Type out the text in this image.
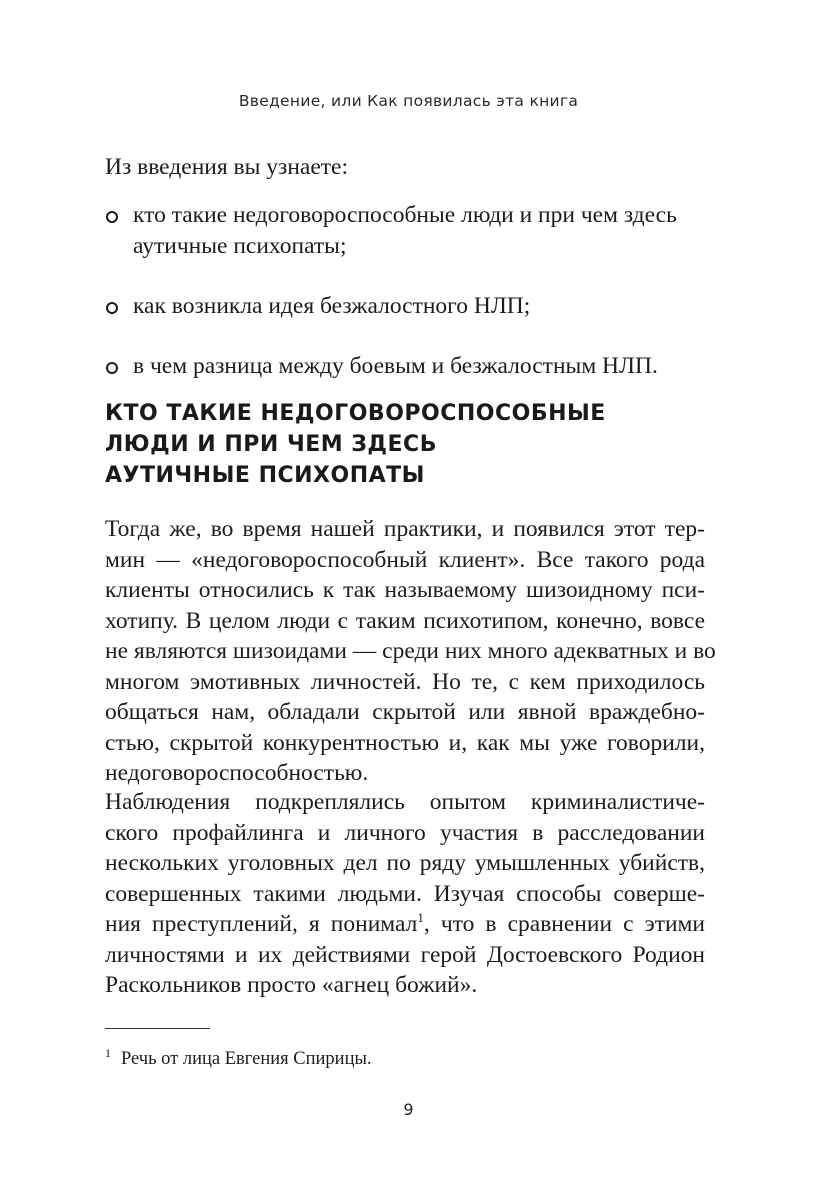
Введение, или Как появилась эта книга
Из введения вы узнаете:
кто такие недоговороспособные люди и при чем здесь
аутичные психопаты;
как возникла идея безжалостного НЛП;
в чем разница между боевым и безжалостным НЛП.
КТО ТАКИЕ НЕДОГОВОРОСПОСОБНЫЕ
ЛЮДИ И ПРИ ЧЕМ ЗДЕСЬ
АУТИЧНЫЕ ПСИХОПАТЫ
Тогда же, во время нашей практики, и появился этот тер-
мин — «недоговороспособный клиент». Все такого рода
клиенты относились к так называемому шизоидному пси-
хотипу. В целом люди с таким психотипом, конечно, вовсе
не являются шизоидами — среди них много адекватных и во
многом эмотивных личностей. Но те, с кем приходилось
общаться нам, обладали скрытой или явной враждебно-
стью, скрытой конкурентностью и, как мы уже говорили,
недоговороспособностью.
Наблюдения подкреплялись опытом криминалистиче-
ского профайлинга и личного участия в расследовании
нескольких уголовных дел по ряду умышленных убийств,
совершенных такими людьми. Изучая способы соверше-
ния преступлений, я понимал$^1$, что в сравнении с этими
личностями и их действиями герой Достоевского Родион
Раскольников просто «агнец божий».
$^1$ Речь от лица Евгения Спирицы.
9
